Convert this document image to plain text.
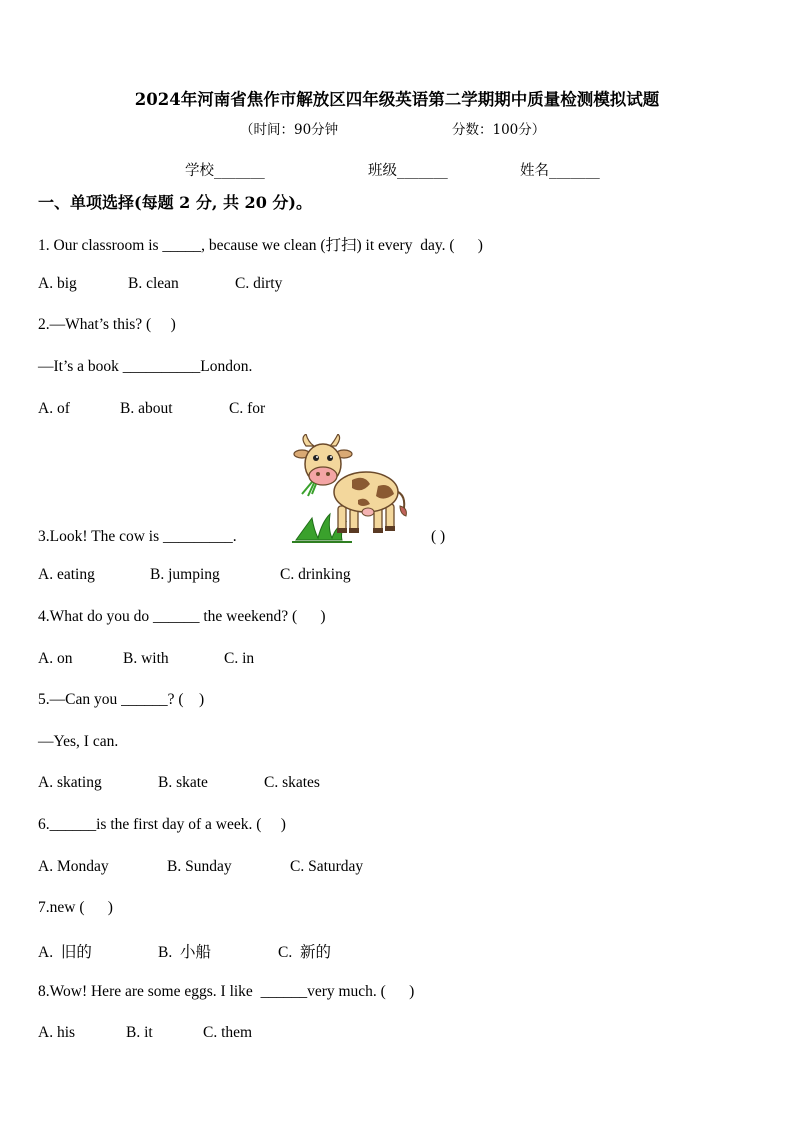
2024年河南省焦作市解放区四年级英语第二学期期中质量检测模拟试题
（时间：90分钟	分数：100分）
学校_______	班级_______	姓名_______
一、单项选择(每题 2 分, 共 20 分)。
1. Our classroom is _____, because we clean (打扫) it every  day. (      )
A. big	B. clean	C. dirty
2.—What’s this? (     )
—It’s a book __________London.
A. of	B. about	C. for
3.Look! The cow is _________.	( )
A. eating	B. jumping	C. drinking
4.What do you do ______ the weekend? (      )
A. on	B. with	C. in
5.—Can you ______? (    )
—Yes, I can.
A. skating	B. skate	C. skates
6.______is the first day of a week. (     )
A. Monday	B. Sunday	C. Saturday
7.new (      )
A.  旧的	B.  小船	C.  新的
8.Wow! Here are some eggs. I like  ______very much. (      )
A. his	B. it	C. them
